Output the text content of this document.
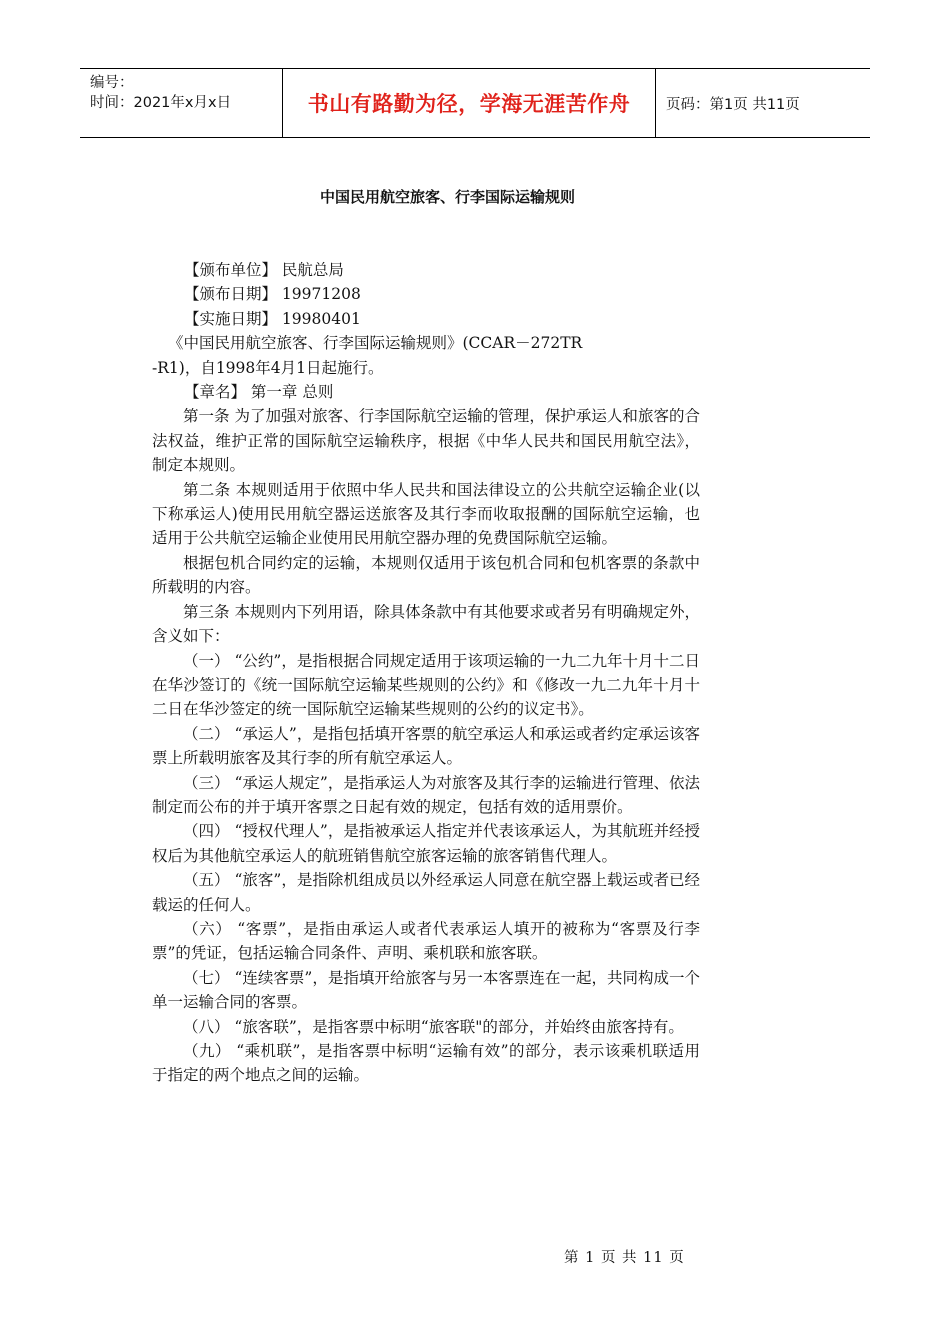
编号：
时间：2021年x月x日	书山有路勤为径，学海无涯苦作舟	页码：第1页 共11页
中国民用航空旅客、行李国际运输规则

【颁布单位】 民航总局

【颁布日期】 19971208

【实施日期】 19980401

《中国民用航空旅客、行李国际运输规则》(CCAR－272TR

-R1)，自1998年4月1日起施行。

【章名】 第一章 总则

第一条 为了加强对旅客、行李国际航空运输的管理，保护承运人和旅客的合法权益，维护正常的国际航空运输秩序，根据《中华人民共和国民用航空法》，制定本规则。

第二条 本规则适用于依照中华人民共和国法律设立的公共航空运输企业(以下称承运人)使用民用航空器运送旅客及其行李而收取报酬的国际航空运输，也适用于公共航空运输企业使用民用航空器办理的免费国际航空运输。

根据包机合同约定的运输，本规则仅适用于该包机合同和包机客票的条款中所载明的内容。

第三条 本规则内下列用语，除具体条款中有其他要求或者另有明确规定外，含义如下：

（一） “公约”，是指根据合同规定适用于该项运输的一九二九年十月十二日在华沙签订的《统一国际航空运输某些规则的公约》和《修改一九二九年十月十二日在华沙签定的统一国际航空运输某些规则的公约的议定书》。

（二） “承运人”，是指包括填开客票的航空承运人和承运或者约定承运该客票上所载明旅客及其行李的所有航空承运人。

（三） “承运人规定”，是指承运人为对旅客及其行李的运输进行管理、依法制定而公布的并于填开客票之日起有效的规定，包括有效的适用票价。

（四） “授权代理人”，是指被承运人指定并代表该承运人，为其航班并经授权后为其他航空承运人的航班销售航空旅客运输的旅客销售代理人。

（五） “旅客”，是指除机组成员以外经承运人同意在航空器上载运或者已经载运的任何人。

（六） “客票”，是指由承运人或者代表承运人填开的被称为“客票及行李票”的凭证，包括运输合同条件、声明、乘机联和旅客联。

（七） “连续客票”，是指填开给旅客与另一本客票连在一起，共同构成一个单一运输合同的客票。

（八） “旅客联”，是指客票中标明“旅客联"的部分，并始终由旅客持有。

（九） “乘机联”，是指客票中标明“运输有效”的部分，表示该乘机联适用于指定的两个地点之间的运输。

第 1 页 共 11 页
